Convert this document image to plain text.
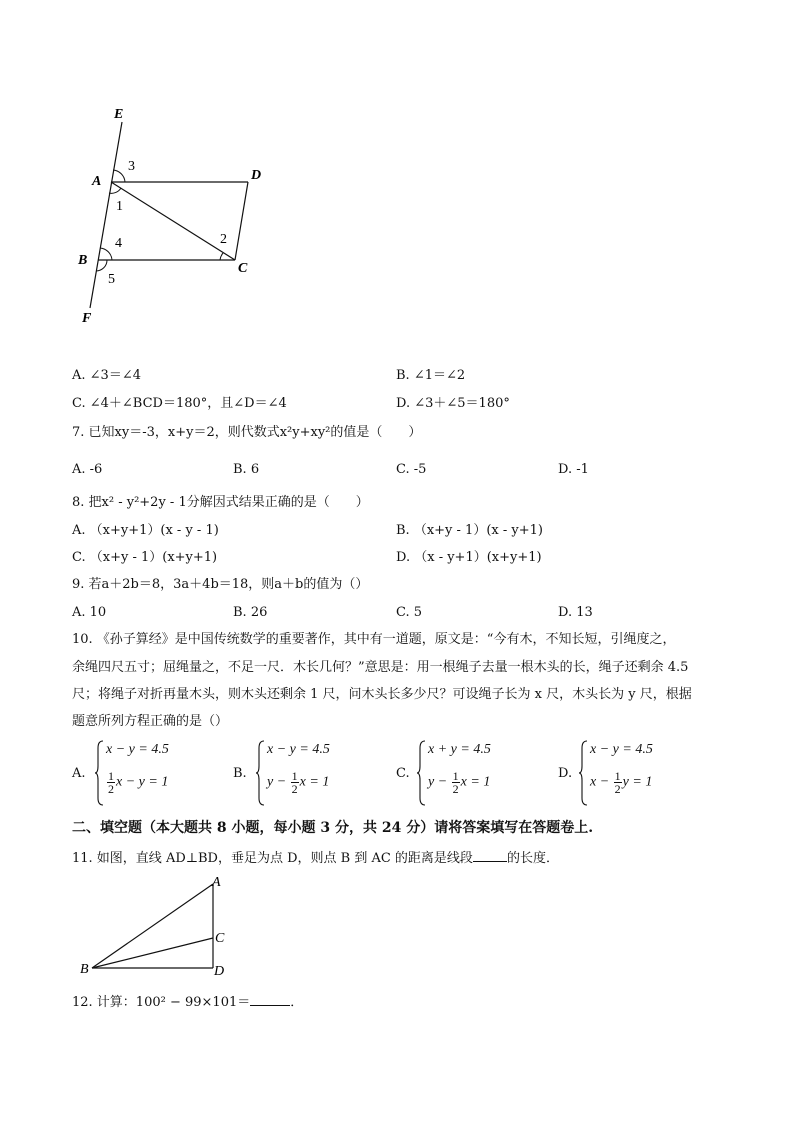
E
A	D
B
C
F
3
1
4
5
2
A. ∠3＝∠4	B. ∠1＝∠2
C. ∠4＋∠BCD＝180°，且∠D＝∠4	D. ∠3＋∠5＝180°
7. 已知xy＝-3，x+y＝2，则代数式x²y+xy²的值是（　　）
A. -6	B. 6	C. -5	D. -1
8. 把x² - y²+2y - 1分解因式结果正确的是（　　）
A. （x+y+1）(x - y - 1)	B. （x+y - 1）(x - y+1)
C. （x+y - 1）(x+y+1)	D. （x - y+1）(x+y+1)
9. 若a＋2b＝8，3a＋4b＝18，则a＋b的值为（）
A. 10	B. 26	C. 5	D. 13
10. 《孙子算经》是中国传统数学的重要著作，其中有一道题，原文是：“今有木，不知长短，引绳度之，
余绳四尺五寸；屈绳量之，不足一尺．木长几何？”意思是：用一根绳子去量一根木头的长，绳子还剩余 4.5
尺；将绳子对折再量木头，则木头还剩余 1 尺，问木头长多少尺？可设绳子长为 x 尺，木头长为 y 尺，根据
题意所列方程正确的是（）
A.
x − y = 4.5
$\frac{1}{2}$ x − y = 1
B.
x − y = 4.5
$y - \frac{1}{2}$ x = 1
C.
x + y = 4.5
$y - \frac{1}{2}$ x = 1
D.
x − y = 4.5
$x - \frac{1}{2}$ y = 1
二、填空题（本大题共 8 小题，每小题 3 分，共 24 分）请将答案填写在答题卷上.
11. 如图，直线 AD⊥BD，垂足为点 D，则点 B 到 AC 的距离是线段	的长度．
A
C
D
B
12. 计算：100² − 99×101＝	．
